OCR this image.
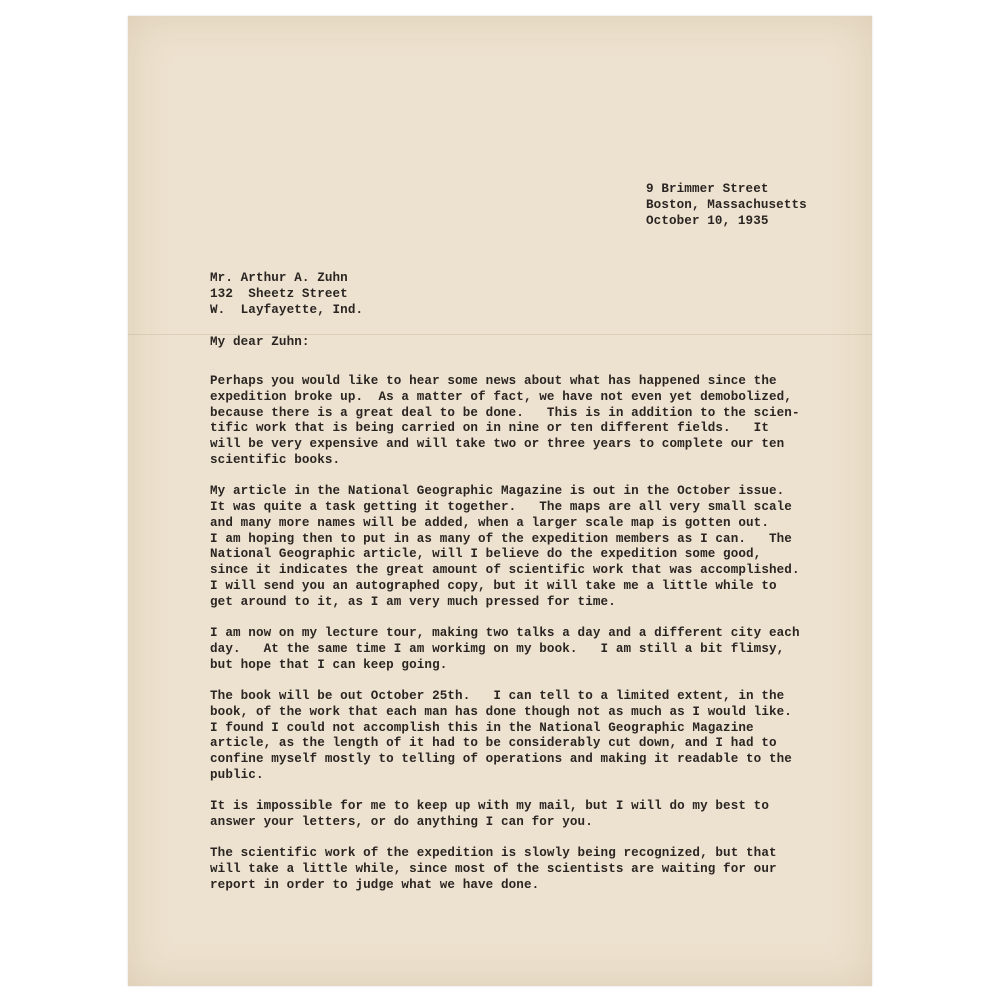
9 Brimmer Street
Boston, Massachusetts
October 10, 1935
Mr. Arthur A. Zuhn
132  Sheetz Street
W.  Layfayette, Ind.
My dear Zuhn:
Perhaps you would like to hear some news about what has happened since the
expedition broke up.  As a matter of fact, we have not even yet demobolized,
because there is a great deal to be done.   This is in addition to the scien-
tific work that is being carried on in nine or ten different fields.   It
will be very expensive and will take two or three years to complete our ten
scientific books.
My article in the National Geographic Magazine is out in the October issue.
It was quite a task getting it together.   The maps are all very small scale
and many more names will be added, when a larger scale map is gotten out.
I am hoping then to put in as many of the expedition members as I can.   The
National Geographic article, will I believe do the expedition some good,
since it indicates the great amount of scientific work that was accomplished.
I will send you an autographed copy, but it will take me a little while to
get around to it, as I am very much pressed for time.
I am now on my lecture tour, making two talks a day and a different city each
day.   At the same time I am workimg on my book.   I am still a bit flimsy,
but hope that I can keep going.
The book will be out October 25th.   I can tell to a limited extent, in the
book, of the work that each man has done though not as much as I would like.
I found I could not accomplish this in the National Geographic Magazine
article, as the length of it had to be considerably cut down, and I had to
confine myself mostly to telling of operations and making it readable to the
public.
It is impossible for me to keep up with my mail, but I will do my best to
answer your letters, or do anything I can for you.
The scientific work of the expedition is slowly being recognized, but that
will take a little while, since most of the scientists are waiting for our
report in order to judge what we have done.
